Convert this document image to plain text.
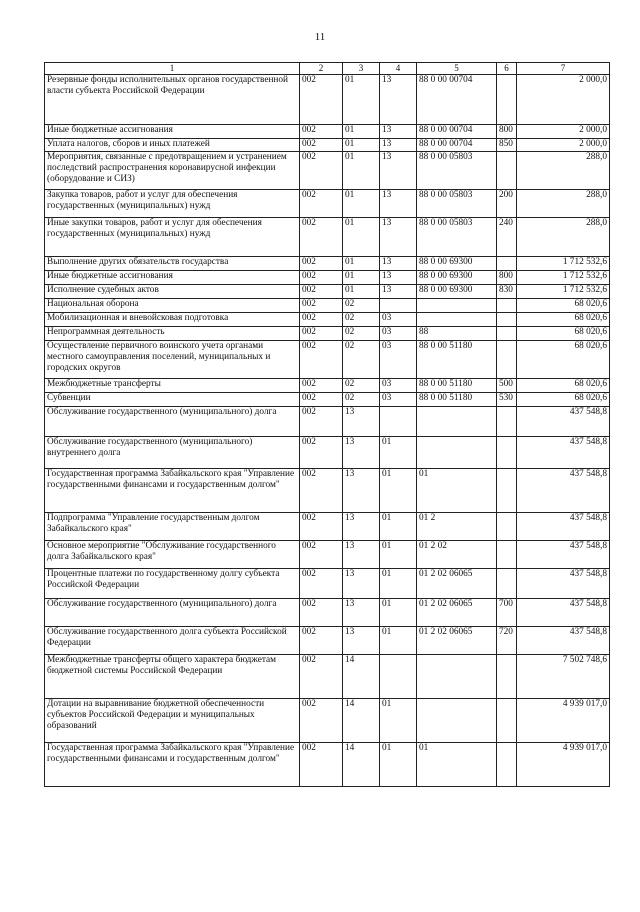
11
1	2	3	4	5	6	7
Резервные фонды исполнительных органов государственной власти субъекта Российской Федерации	002	01	13	88 0 00 00704		2 000,0
Иные бюджетные ассигнования	002	01	13	88 0 00 00704	800	2 000,0
Уплата налогов, сборов и иных платежей	002	01	13	88 0 00 00704	850	2 000,0
Мероприятия, связанные с предотвращением и устранением последствий распространения коронавирусной инфекции (оборудование и СИЗ)	002	01	13	88 0 00 05803		288,0
Закупка товаров, работ и услуг для обеспечения государственных (муниципальных) нужд	002	01	13	88 0 00 05803	200	288,0
Иные закупки товаров, работ и услуг для обеспечения государственных (муниципальных) нужд	002	01	13	88 0 00 05803	240	288,0
Выполнение других обязательств государства	002	01	13	88 0 00 69300		1 712 532,6
Иные бюджетные ассигнования	002	01	13	88 0 00 69300	800	1 712 532,6
Исполнение судебных актов	002	01	13	88 0 00 69300	830	1 712 532,6
Национальная оборона	002	02				68 020,6
Мобилизационная и вневойсковая подготовка	002	02	03			68 020,6
Непрограммная деятельность	002	02	03	88		68 020,6
Осуществление первичного воинского учета органами местного самоуправления поселений, муниципальных и городских округов	002	02	03	88 0 00 51180		68 020,6
Межбюджетные трансферты	002	02	03	88 0 00 51180	500	68 020,6
Субвенции	002	02	03	88 0 00 51180	530	68 020,6
Обслуживание государственного (муниципального) долга	002	13				437 548,8
Обслуживание государственного (муниципального) внутреннего долга	002	13	01			437 548,8
Государственная программа Забайкальского края "Управление государственными финансами и государственным долгом"	002	13	01	01		437 548,8
Подпрограмма "Управление государственным долгом Забайкальского края"	002	13	01	01 2		437 548,8
Основное мероприятие "Обслуживание государственного долга Забайкальского края"	002	13	01	01 2 02		437 548,8
Процентные платежи по государственному долгу субъекта Российской Федерации	002	13	01	01 2 02 06065		437 548,8
Обслуживание государственного (муниципального) долга	002	13	01	01 2 02 06065	700	437 548,8
Обслуживание государственного долга субъекта Российской Федерации	002	13	01	01 2 02 06065	720	437 548,8
Межбюджетные трансферты общего характера бюджетам бюджетной системы Российской Федерации	002	14				7 502 748,6
Дотации на выравнивание бюджетной обеспеченности субъектов Российской Федерации и муниципальных образований	002	14	01			4 939 017,0
Государственная программа Забайкальского края "Управление государственными финансами и государственным долгом"	002	14	01	01		4 939 017,0
